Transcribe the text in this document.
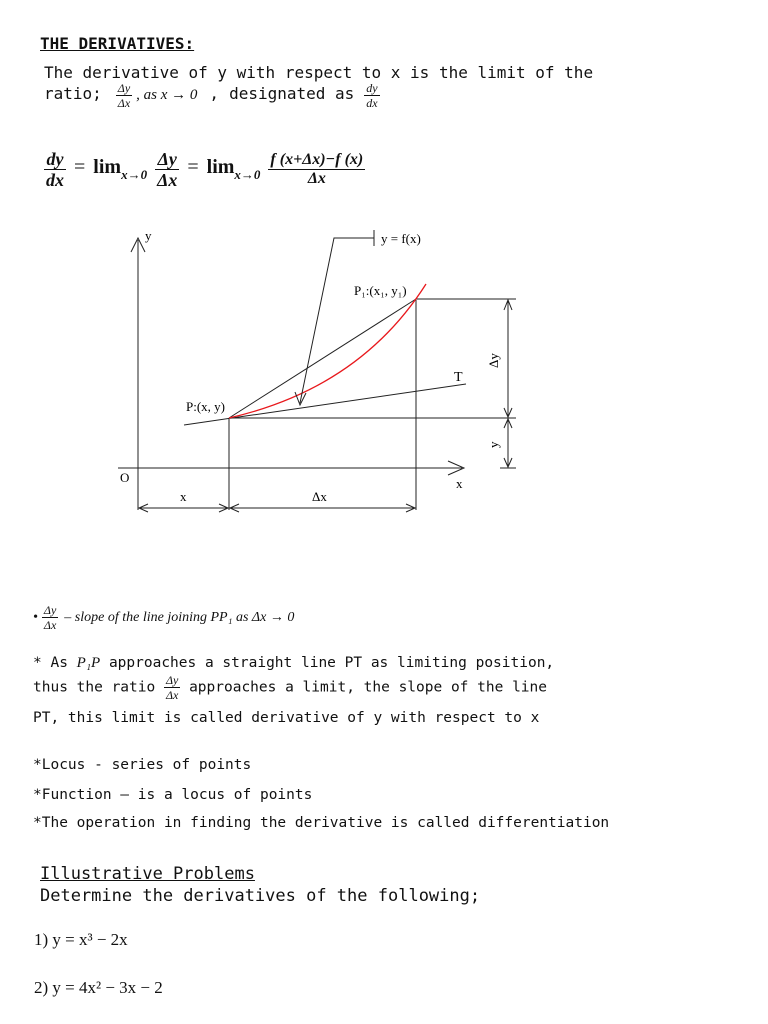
THE DERIVATIVES:
The derivative of y with respect to x is the limit of the
ratio; $\frac{\Delta y}{\Delta x}$ , as x → 0 , designated as $\frac{dy}{dx}$
$\frac{dy}{dx} = \lim_{x\to 0} \frac{\Delta y}{\Delta x} = \lim_{x\to 0} \frac{f (x+\Delta x)-f (x)}{\Delta x}$
y
x
O
T
y = f(x)
P₁:(x₁, y₁)
P:(x, y)
Δy
y
x	Δx
• $\frac{\Delta y}{\Delta x}$ – slope of the line joining PP₁ as Δx → 0
* As P₁P approaches a straight line PT as limiting position,
thus the ratio $\frac{\Delta y}{\Delta x}$ approaches a limit, the slope of the line
PT, this limit is called derivative of y with respect to x
*Locus - series of points
*Function – is a locus of points
*The operation in finding the derivative is called differentiation
Illustrative Problems
Determine the derivatives of the following;
1) y = x³ − 2x
2) y = 4x² − 3x − 2
